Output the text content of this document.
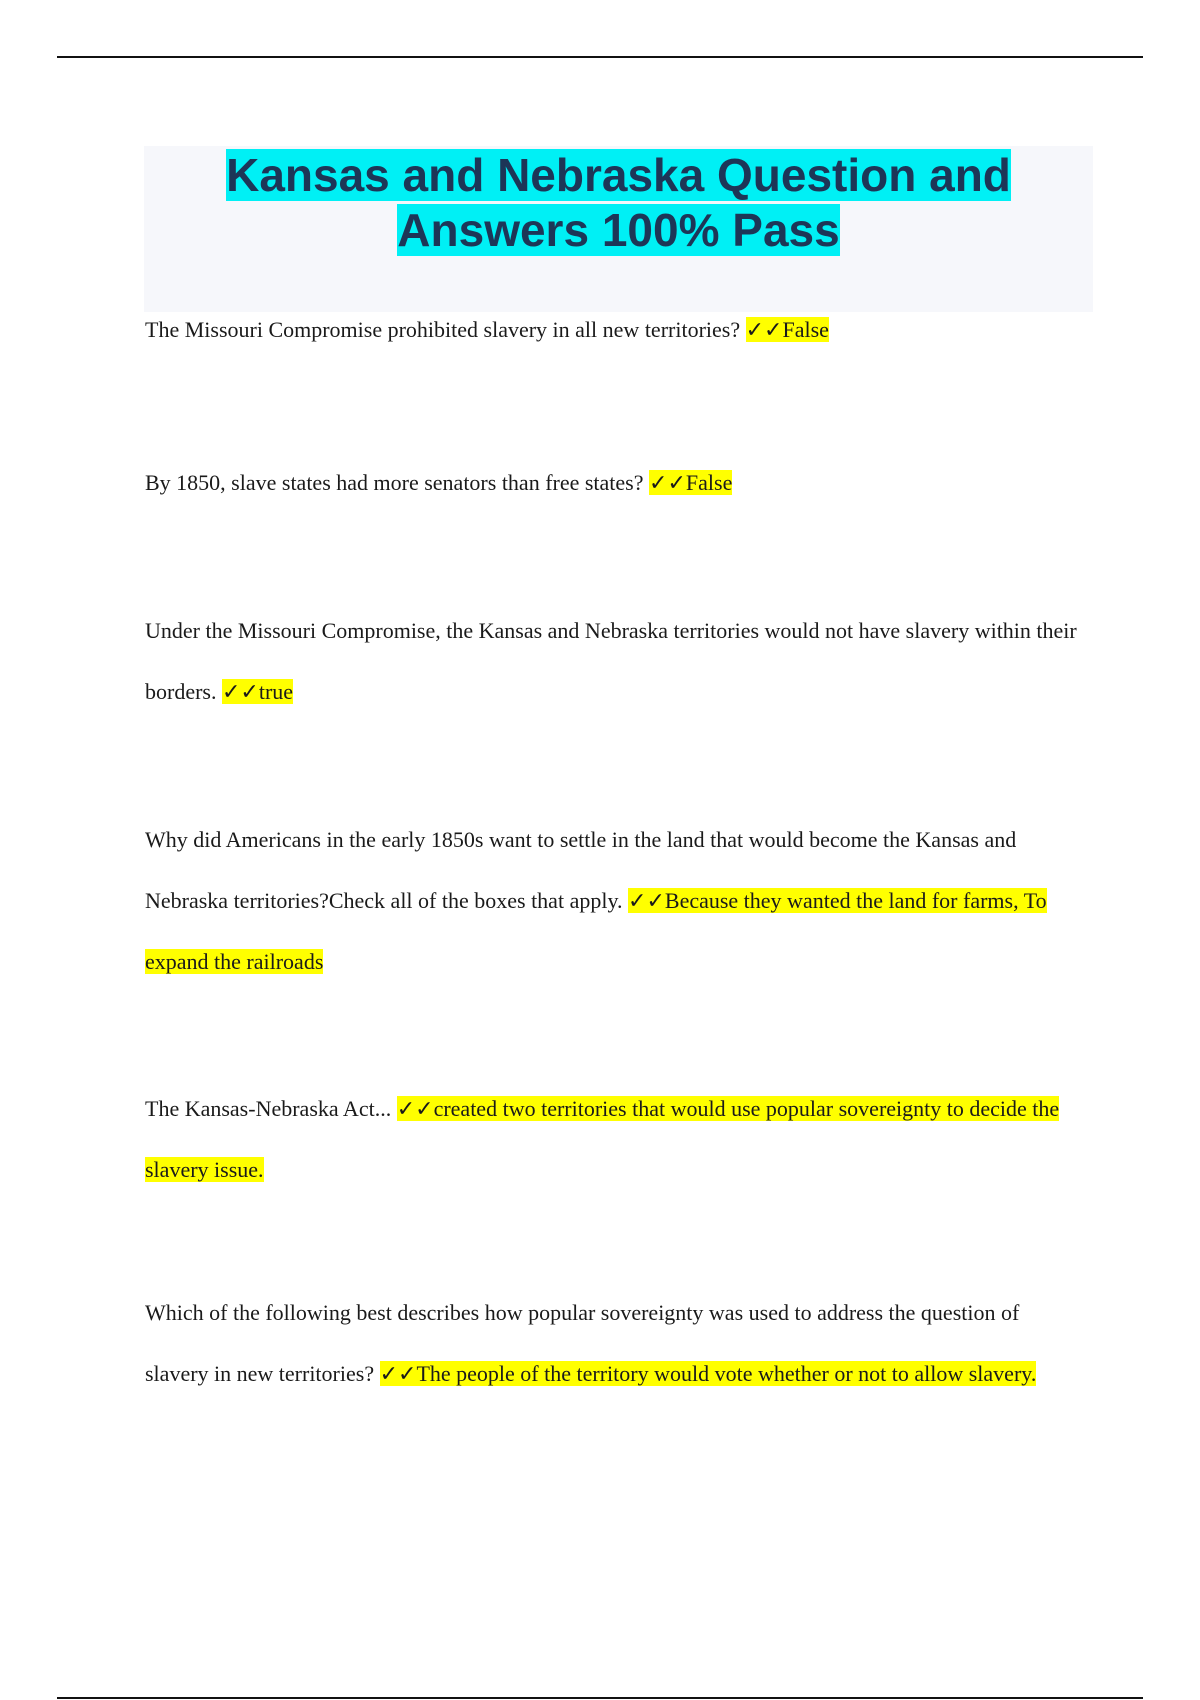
Kansas and Nebraska Question and Answers 100% Pass

The Missouri Compromise prohibited slavery in all new territories? ✓✓False

By 1850, slave states had more senators than free states? ✓✓False

Under the Missouri Compromise, the Kansas and Nebraska territories would not have slavery within their borders. ✓✓true

Why did Americans in the early 1850s want to settle in the land that would become the Kansas and Nebraska territories?Check all of the boxes that apply. ✓✓Because they wanted the land for farms, To expand the railroads

The Kansas-Nebraska Act... ✓✓created two territories that would use popular sovereignty to decide the slavery issue.

Which of the following best describes how popular sovereignty was used to address the question of slavery in new territories? ✓✓The people of the territory would vote whether or not to allow slavery.
